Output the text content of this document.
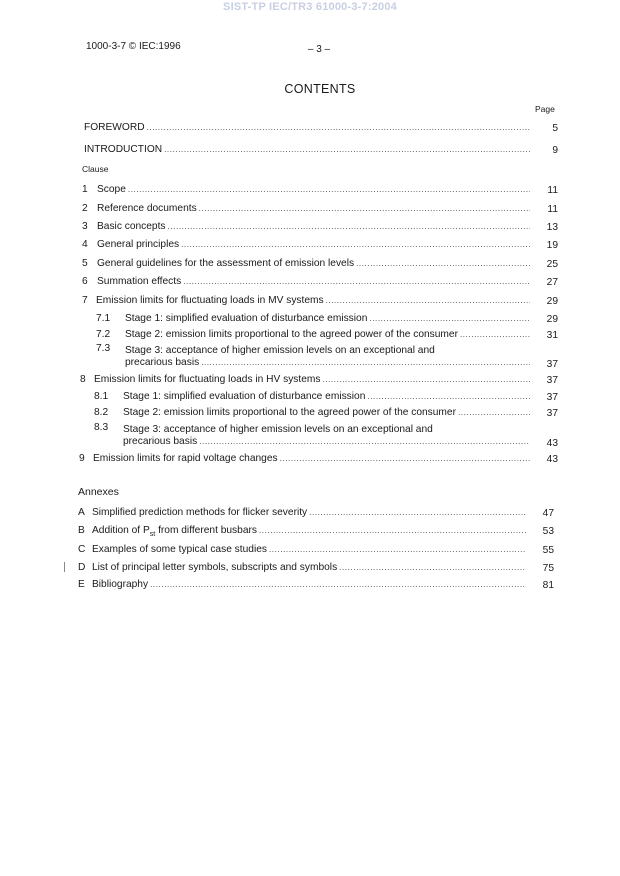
SIST-TP IEC/TR3 61000-3-7:2004
1000-3-7 © IEC:1996	– 3 –
CONTENTS
Page
FOREWORD .....	5
INTRODUCTION .....	9
Clause
1 Scope .....	11
2 Reference documents .....	11
3 Basic concepts .....	13
4 General principles .....	19
5 General guidelines for the assessment of emission levels .....	25
6 Summation effects .....	27
7 Emission limits for fluctuating loads in MV systems .....	29
7.1 Stage 1: simplified evaluation of disturbance emission .....	29
7.2 Stage 2: emission limits proportional to the agreed power of the consumer .....	31
7.3 Stage 3: acceptance of higher emission levels on an exceptional and
precarious basis .....	37
8 Emission limits for fluctuating loads in HV systems .....	37
8.1 Stage 1: simplified evaluation of disturbance emission .....	37
8.2 Stage 2: emission limits proportional to the agreed power of the consumer .....	37
8.3 Stage 3: acceptance of higher emission levels on an exceptional and
precarious basis .....	43
9 Emission limits for rapid voltage changes .....	43
Annexes
A Simplified prediction methods for flicker severity .....	47
B Addition of $P_{st}$ from different busbars .....	53
C Examples of some typical case studies .....	55
D List of principal letter symbols, subscripts and symbols .....	75
E Bibliography .....	81
